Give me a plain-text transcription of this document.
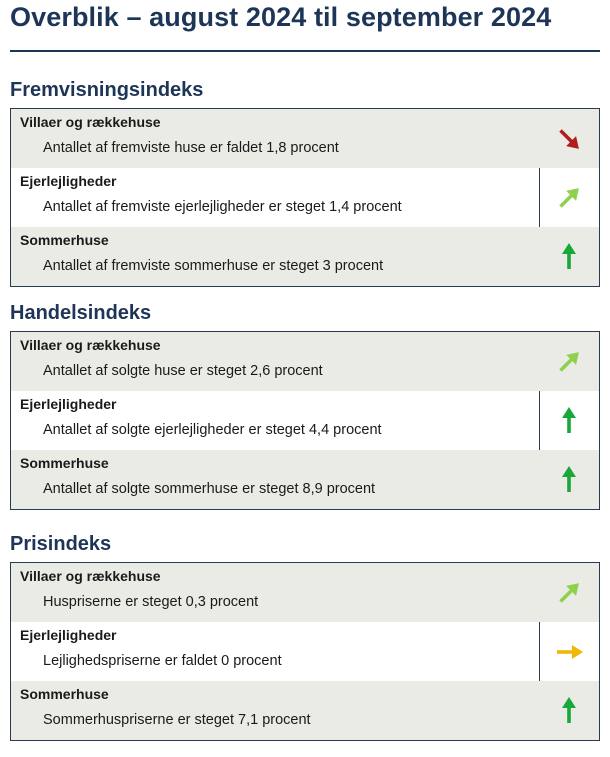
Overblik – august 2024 til september 2024
Fremvisningsindeks
Villaer og rækkehuse
Antallet af fremviste huse er faldet 1,8 procent
Ejerlejligheder
Antallet af fremviste ejerlejligheder er steget 1,4 procent
Sommerhuse
Antallet af fremviste sommerhuse er steget 3 procent
Handelsindeks
Villaer og rækkehuse
Antallet af solgte huse er steget 2,6 procent
Ejerlejligheder
Antallet af solgte ejerlejligheder er steget 4,4 procent
Sommerhuse
Antallet af solgte sommerhuse er steget 8,9 procent
Prisindeks
Villaer og rækkehuse
Huspriserne er steget 0,3 procent
Ejerlejligheder
Lejlighedspriserne er faldet 0 procent
Sommerhuse
Sommerhuspriserne er steget 7,1 procent
